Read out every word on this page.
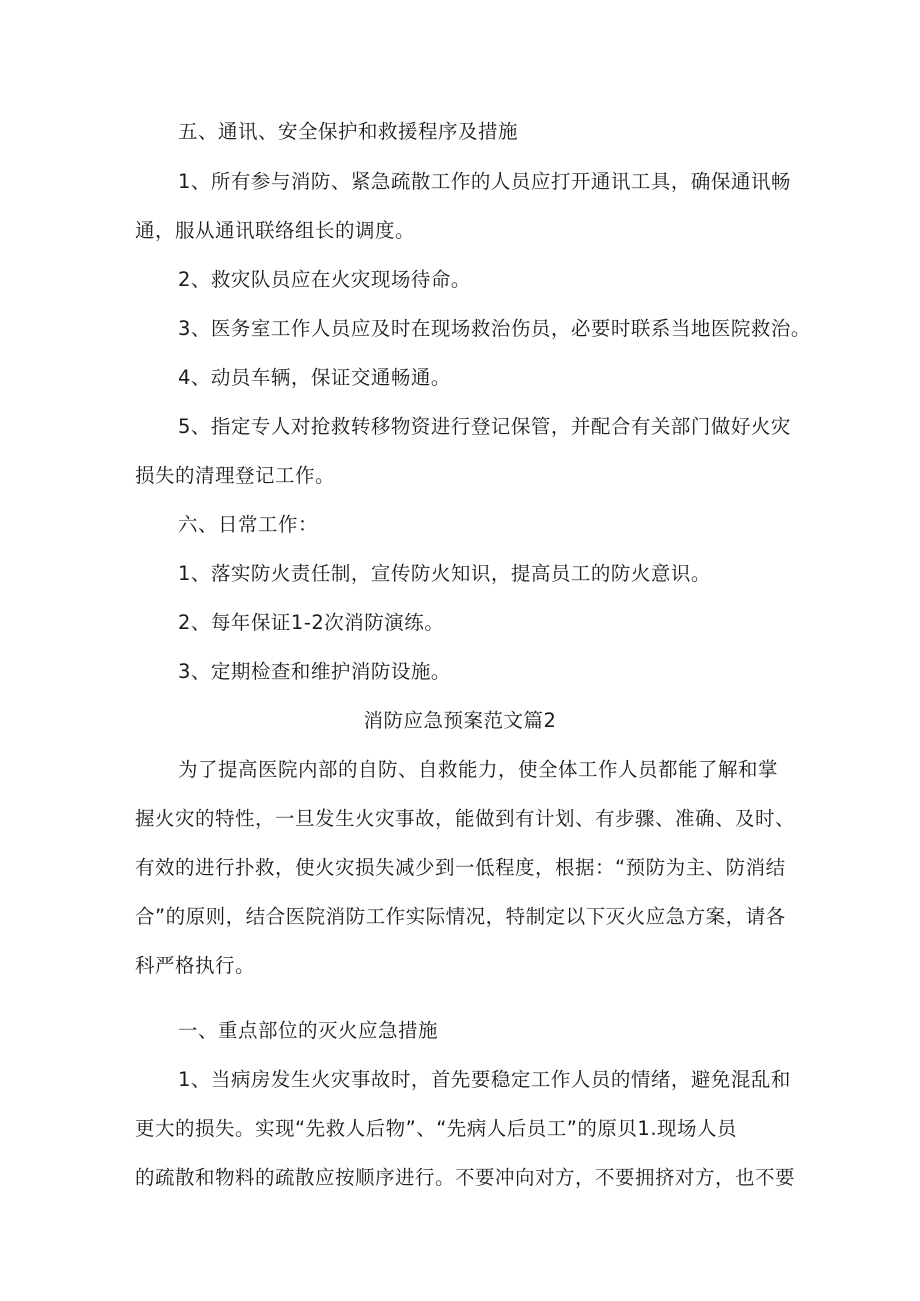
五、通讯、安全保护和救援程序及措施
1、所有参与消防、紧急疏散工作的人员应打开通讯工具，确保通讯畅
通，服从通讯联络组长的调度。
2、救灾队员应在火灾现场待命。
3、医务室工作人员应及时在现场救治伤员，必要时联系当地医院救治。
4、动员车辆，保证交通畅通。
5、指定专人对抢救转移物资进行登记保管，并配合有关部门做好火灾
损失的清理登记工作。
六、日常工作：
1、落实防火责任制，宣传防火知识，提高员工的防火意识。
2、每年保证1-2次消防演练。
3、定期检查和维护消防设施。
消防应急预案范文篇2
为了提高医院内部的自防、自救能力，使全体工作人员都能了解和掌
握火灾的特性，一旦发生火灾事故，能做到有计划、有步骤、准确、及时、
有效的进行扑救，使火灾损失减少到一低程度，根据：“预防为主、防消结
合”的原则，结合医院消防工作实际情况，特制定以下灭火应急方案，请各
科严格执行。
一、重点部位的灭火应急措施
1、当病房发生火灾事故时，首先要稳定工作人员的情绪，避免混乱和
更大的损失。实现“先救人后物”、“先病人后员工”的原贝1.现场人员
的疏散和物料的疏散应按顺序进行。不要冲向对方，不要拥挤对方，也不要
